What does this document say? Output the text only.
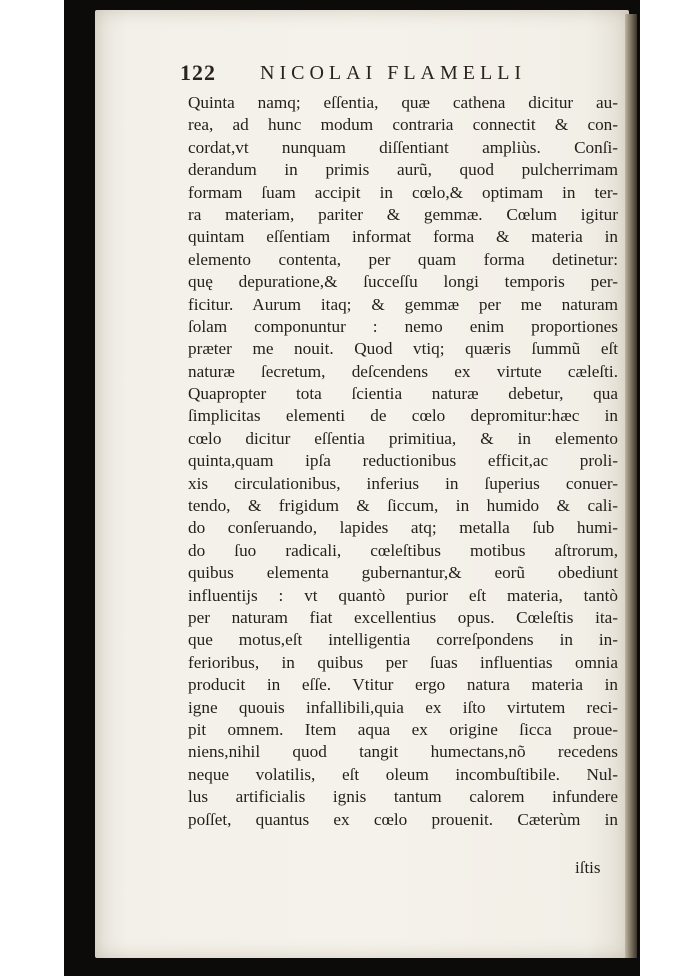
122 NICOLAI FLAMELLI
Quinta namq; eſſentia, quæ cathena dicitur au-
rea, ad hunc modum contraria connectit & con-
cordat,vt nunquam diſſentiant ampliùs. Conſi-
derandum in primis aurũ, quod pulcherrimam
formam ſuam accipit in cœlo,& optimam in ter-
ra materiam, pariter & gemmæ. Cœlum igitur
quintam eſſentiam informat forma & materia in
elemento contenta, per quam forma detinetur:
quę depuratione,& ſucceſſu longi temporis per-
ficitur. Aurum itaq; & gemmæ per me naturam
ſolam componuntur : nemo enim proportiones
præter me nouit. Quod vtiq; quæris ſummũ eſt
naturæ ſecretum, deſcendens ex virtute cæleſti.
Quapropter tota ſcientia naturæ debetur, qua
ſimplicitas elementi de cœlo depromitur:hæc in
cœlo dicitur eſſentia primitiua, & in elemento
quinta,quam ipſa reductionibus efficit,ac proli-
xis circulationibus, inferius in ſuperius conuer-
tendo, & frigidum & ſiccum, in humido & cali-
do conſeruando, lapides atq; metalla ſub humi-
do ſuo radicali, cœleſtibus motibus aſtrorum,
quibus elementa gubernantur,& eorũ obediunt
influentijs : vt quantò purior eſt materia, tantò
per naturam fiat excellentius opus. Cœleſtis ita-
que motus,eſt intelligentia correſpondens in in-
ferioribus, in quibus per ſuas influentias omnia
producit in eſſe. Vtitur ergo natura materia in
igne quouis infallibili,quia ex iſto virtutem reci-
pit omnem. Item aqua ex origine ſicca proue-
niens,nihil quod tangit humectans,nõ recedens
neque volatilis, eſt oleum incombuſtibile. Nul-
lus artificialis ignis tantum calorem infundere
poſſet, quantus ex cœlo prouenit. Cæterùm in
iſtis
